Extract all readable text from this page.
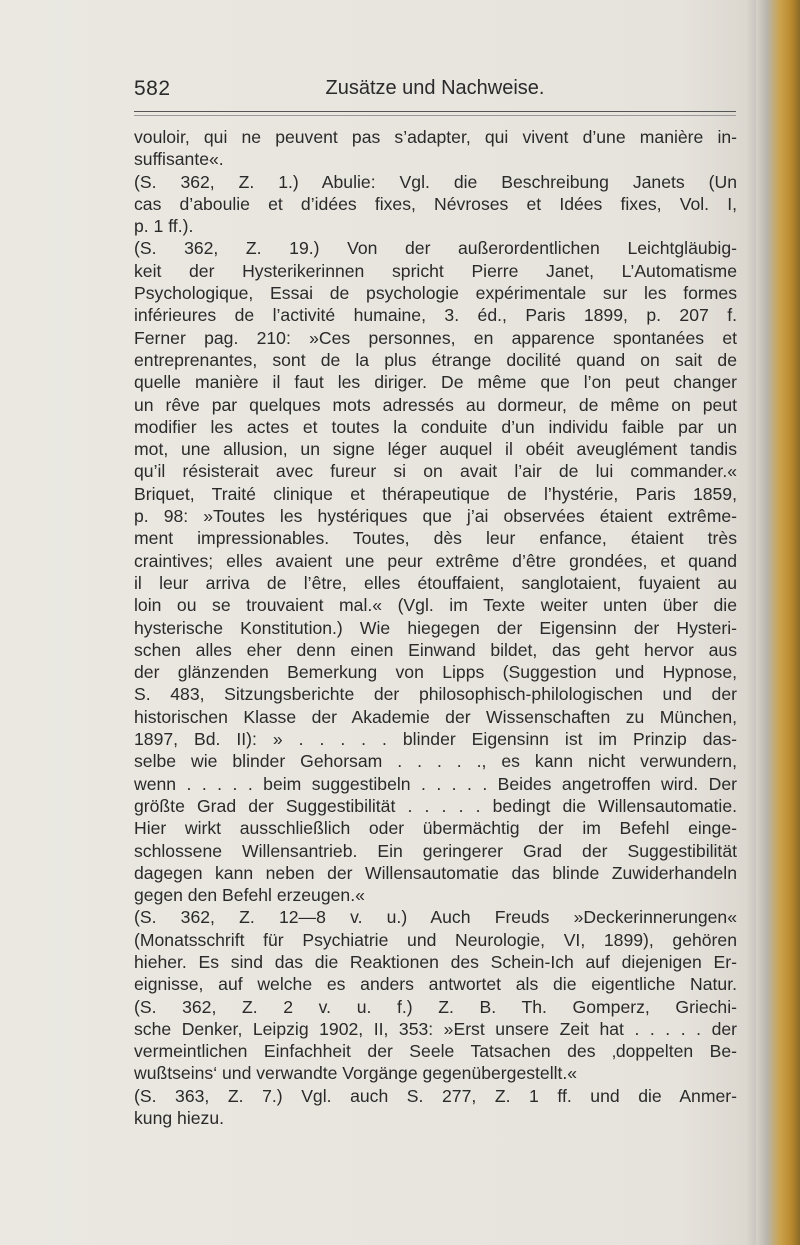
582	Zusätze und Nachweise.

vouloir, qui ne peuvent pas s’adapter, qui vivent d’une manière in-

suffisante«.

(S. 362, Z. 1.) Abulie: Vgl. die Beschreibung Janets (Un

cas d’aboulie et d’idées fixes, Névroses et Idées fixes, Vol. I,

p. 1 ff.).

(S. 362, Z. 19.) Von der außerordentlichen Leichtgläubig-

keit der Hysterikerinnen spricht Pierre Janet, L’Automatisme

Psychologique, Essai de psychologie expérimentale sur les formes

inférieures de l’activité humaine, 3. éd., Paris 1899, p. 207 f.

Ferner pag. 210: »Ces personnes, en apparence spontanées et

entreprenantes, sont de la plus étrange docilité quand on sait de

quelle manière il faut les diriger. De même que l’on peut changer

un rêve par quelques mots adressés au dormeur, de même on peut

modifier les actes et toutes la conduite d’un individu faible par un

mot, une allusion, un signe léger auquel il obéit aveuglément tandis

qu’il résisterait avec fureur si on avait l’air de lui commander.«

Briquet, Traité clinique et thérapeutique de l’hystérie, Paris 1859,

p. 98: »Toutes les hystériques que j’ai observées étaient extrême-

ment impressionables. Toutes, dès leur enfance, étaient très

craintives; elles avaient une peur extrême d’être grondées, et quand

il leur arriva de l’être, elles étouffaient, sanglotaient, fuyaient au

loin ou se trouvaient mal.« (Vgl. im Texte weiter unten über die

hysterische Konstitution.) Wie hiegegen der Eigensinn der Hysteri-

schen alles eher denn einen Einwand bildet, das geht hervor aus

der glänzenden Bemerkung von Lipps (Suggestion und Hypnose,

S. 483, Sitzungsberichte der philosophisch-philologischen und der

historischen Klasse der Akademie der Wissenschaften zu München,

1897, Bd. II): » . . . . . blinder Eigensinn ist im Prinzip das-

selbe wie blinder Gehorsam . . . . ., es kann nicht verwundern,

wenn . . . . . beim suggestibeln . . . . . Beides angetroffen wird. Der

größte Grad der Suggestibilität . . . . . bedingt die Willensautomatie.

Hier wirkt ausschließlich oder übermächtig der im Befehl einge-

schlossene Willensantrieb. Ein geringerer Grad der Suggestibilität

dagegen kann neben der Willensautomatie das blinde Zuwiderhandeln

gegen den Befehl erzeugen.«

(S. 362, Z. 12—8 v. u.) Auch Freuds »Deckerinnerungen«

(Monatsschrift für Psychiatrie und Neurologie, VI, 1899), gehören

hieher. Es sind das die Reaktionen des Schein-Ich auf diejenigen Er-

eignisse, auf welche es anders antwortet als die eigentliche Natur.

(S. 362, Z. 2 v. u. f.) Z. B. Th. Gomperz, Griechi-

sche Denker, Leipzig 1902, II, 353: »Erst unsere Zeit hat . . . . . der

vermeintlichen Einfachheit der Seele Tatsachen des ‚doppelten Be-

wußtseins‘ und verwandte Vorgänge gegenübergestellt.«

(S. 363, Z. 7.) Vgl. auch S. 277, Z. 1 ff. und die Anmer-

kung hiezu.
